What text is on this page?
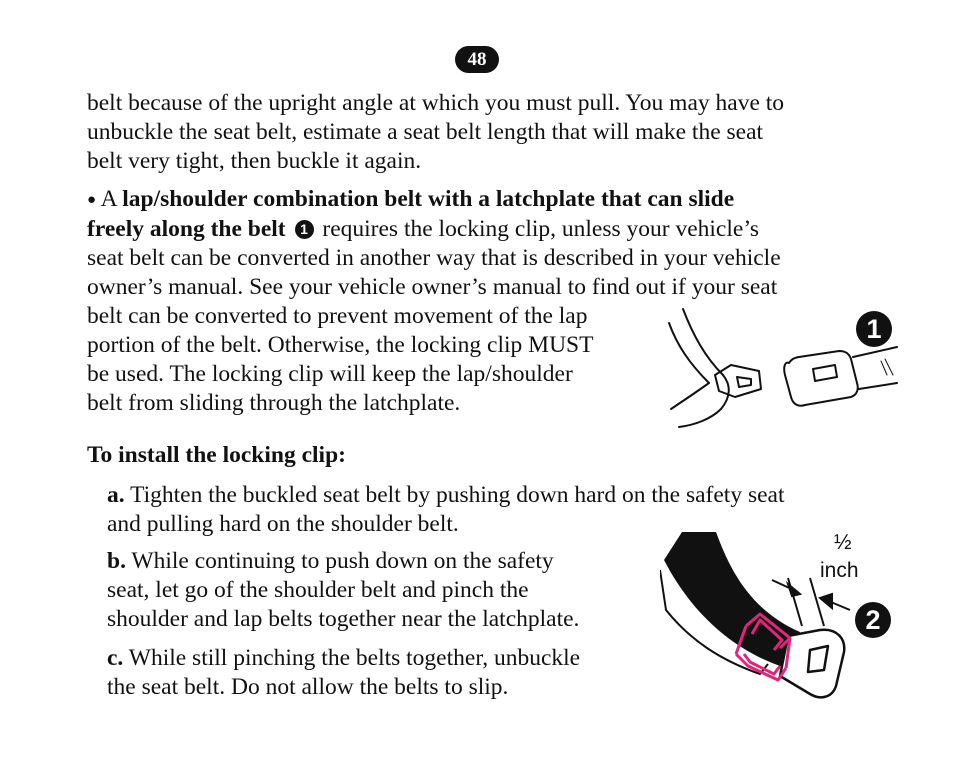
48
belt because of the upright angle at which you must pull. You may have to
unbuckle the seat belt, estimate a seat belt length that will make the seat
belt very tight, then buckle it again.
● A lap/shoulder combination belt with a latchplate that can slide
freely along the belt 1 requires the locking clip, unless your vehicle’s
seat belt can be converted in another way that is described in your vehicle
owner’s manual. See your vehicle owner’s manual to find out if your seat
belt can be converted to prevent movement of the lap
portion of the belt. Otherwise, the locking clip MUST
be used. The locking clip will keep the lap/shoulder
belt from sliding through the latchplate.
1
To install the locking clip:
a. Tighten the buckled seat belt by pushing down hard on the safety seat
and pulling hard on the shoulder belt.
b. While continuing to push down on the safety
seat, let go of the shoulder belt and pinch the
shoulder and lap belts together near the latchplate.
c. While still pinching the belts together, unbuckle
the seat belt. Do not allow the belts to slip.
½
inch
2
